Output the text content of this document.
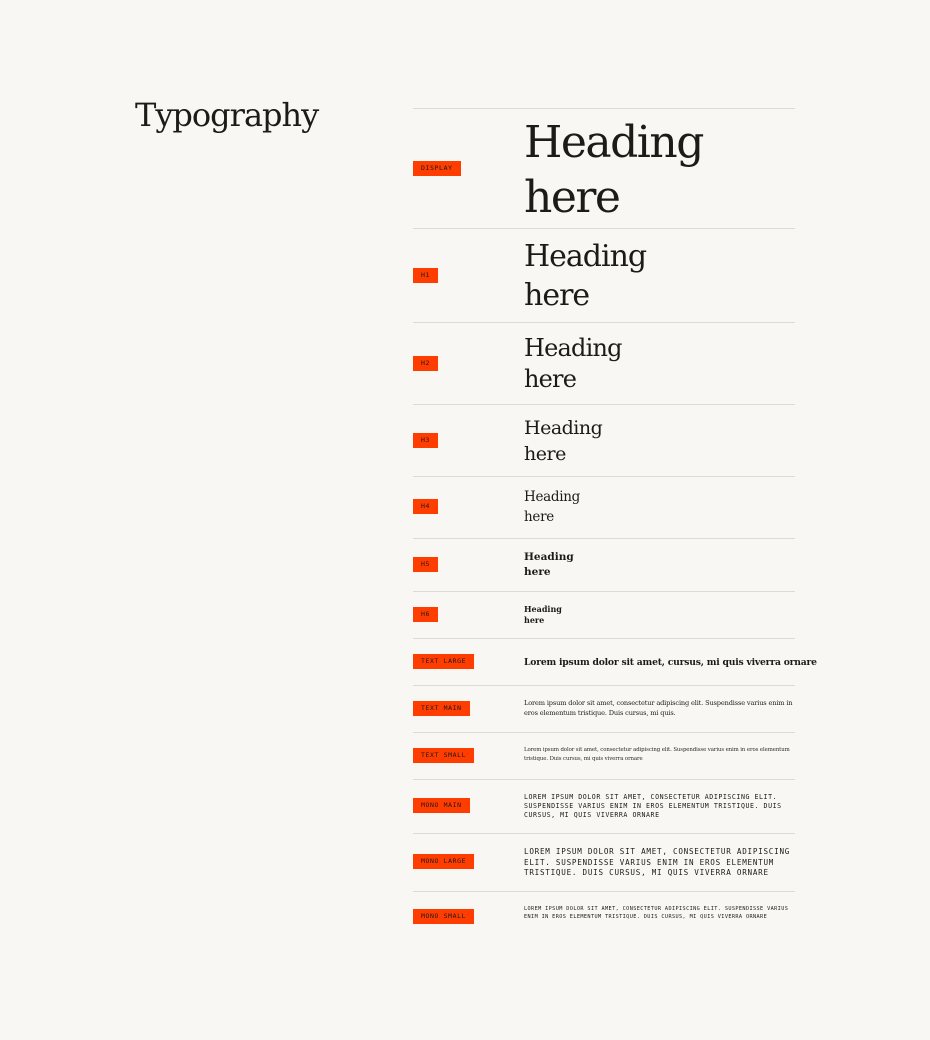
Typography
DISPLAY Heading
here
H1
Heading
here
H2
Heading
here
H3
Heading
here
H4
Heading
here
H5
Heading
here
H6	Heading
here
TEXT LARGE	Lorem ipsum dolor sit amet, cursus, mi quis viverra ornare

TEXT MAIN

Lorem ipsum dolor sit amet, consectetur adipiscing elit. Suspendisse varius enim in eros elementum tristique. Duis cursus, mi quis.

TEXT SMALL

Lorem ipsum dolor sit amet, consectetur adipiscing elit. Suspendisse varius enim in eros elementum tristique. Duis cursus, mi quis viverra ornare

MONO MAIN

LOREM IPSUM DOLOR SIT AMET, CONSECTETUR ADIPISCING ELIT. SUSPENDISSE VARIUS ENIM IN EROS ELEMENTUM TRISTIQUE. DUIS CURSUS, MI QUIS VIVERRA ORNARE

MONO LARGE

LOREM IPSUM DOLOR SIT AMET, CONSECTETUR ADIPISCING ELIT. SUSPENDISSE VARIUS ENIM IN EROS ELEMENTUM TRISTIQUE. DUIS CURSUS, MI QUIS VIVERRA ORNARE

MONO SMALL

LOREM IPSUM DOLOR SIT AMET, CONSECTETUR ADIPISCING ELIT. SUSPENDISSE VARIUS ENIM IN EROS ELEMENTUM TRISTIQUE. DUIS CURSUS, MI QUIS VIVERRA ORNARE
